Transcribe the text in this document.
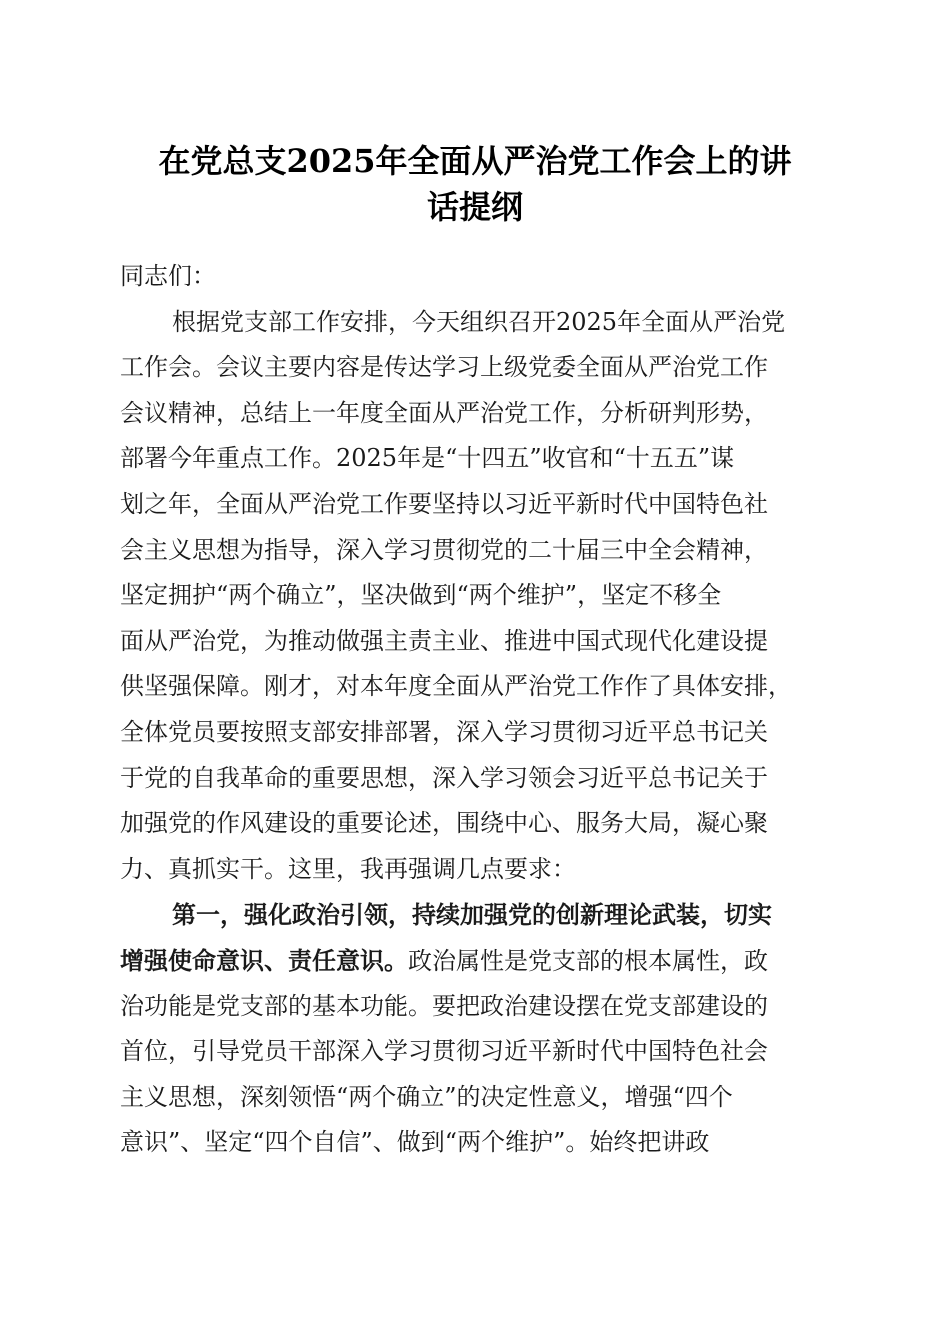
在党总支2025年全面从严治党工作会上的讲
话提纲
同志们：
根据党支部工作安排，今天组织召开2025年全面从严治党
工作会。会议主要内容是传达学习上级党委全面从严治党工作
会议精神，总结上一年度全面从严治党工作，分析研判形势，
部署今年重点工作。2025年是“十四五”收官和“十五五”谋
划之年，全面从严治党工作要坚持以习近平新时代中国特色社
会主义思想为指导，深入学习贯彻党的二十届三中全会精神，
坚定拥护“两个确立”，坚决做到“两个维护”，坚定不移全
面从严治党，为推动做强主责主业、推进中国式现代化建设提
供坚强保障。刚才，对本年度全面从严治党工作作了具体安排，
全体党员要按照支部安排部署，深入学习贯彻习近平总书记关
于党的自我革命的重要思想，深入学习领会习近平总书记关于
加强党的作风建设的重要论述，围绕中心、服务大局，凝心聚
力、真抓实干。这里，我再强调几点要求：
第一，强化政治引领，持续加强党的创新理论武装，切实
增强使命意识、责任意识。政治属性是党支部的根本属性，政
治功能是党支部的基本功能。要把政治建设摆在党支部建设的
首位，引导党员干部深入学习贯彻习近平新时代中国特色社会
主义思想，深刻领悟“两个确立”的决定性意义，增强“四个
意识”、坚定“四个自信”、做到“两个维护”。始终把讲政
